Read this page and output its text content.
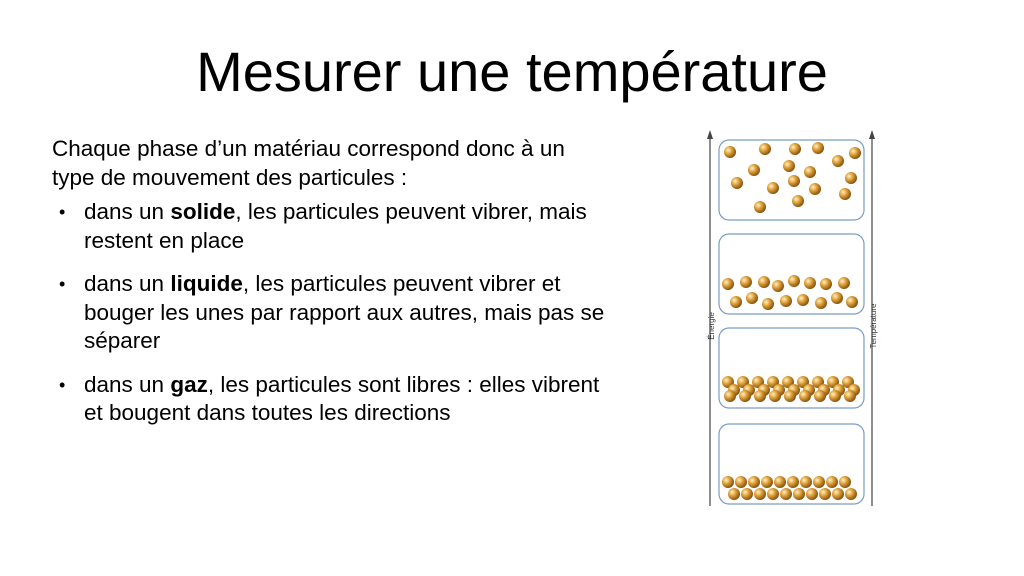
Mesurer une température

Chaque phase d’un matériau correspond donc à un type de mouvement des particules :

• dans un solide, les particules peuvent vibrer, mais restent en place
• dans un liquide, les particules peuvent vibrer et bouger les unes par rapport aux autres, mais pas se séparer
• dans un gaz, les particules sont libres : elles vibrent et bougent dans toutes les directions
Énergie	Température
